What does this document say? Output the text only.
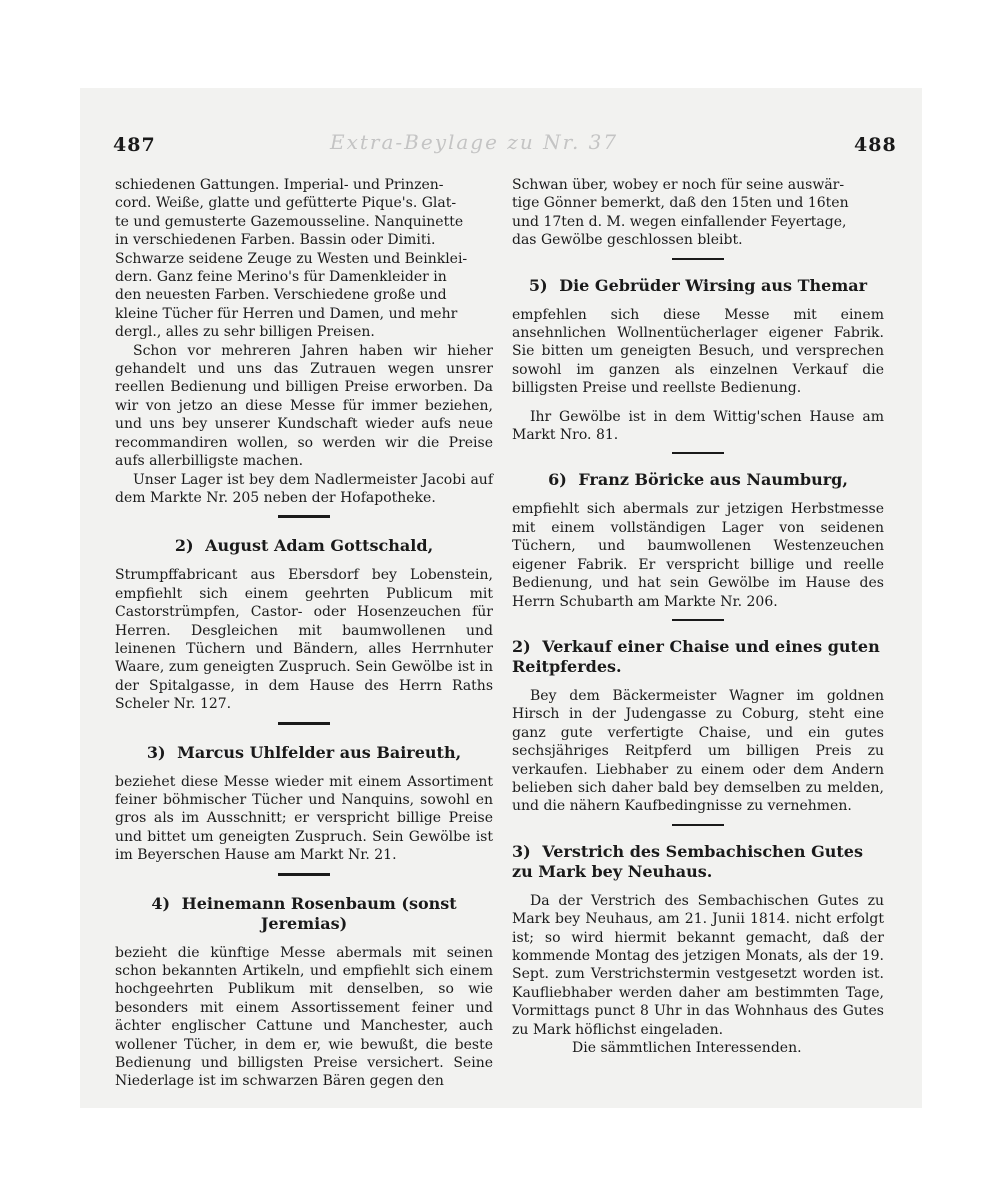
487	Extra-Beylage zu Nr. 37	488
schiedenen Gattungen. Imperial- und Prinzen-
cord. Weiße, glatte und gefütterte Pique's. Glat-
te und gemusterte Gazemousseline. Nanquinette
in verschiedenen Farben. Bassin oder Dimiti.
Schwarze seidene Zeuge zu Westen und Beinklei-
dern. Ganz feine Merino's für Damenkleider in
den neuesten Farben. Verschiedene große und
kleine Tücher für Herren und Damen, und mehr
dergl., alles zu sehr billigen Preisen.

Schon vor mehreren Jahren haben wir hieher gehandelt und uns das Zutrauen wegen unsrer reellen Bedienung und billigen Preise erworben. Da wir von jetzo an diese Messe für immer beziehen, und uns bey unserer Kundschaft wieder aufs neue recommandiren wollen, so werden wir die Preise aufs allerbilligste machen.

Unser Lager ist bey dem Nadlermeister Jacobi auf dem Markte Nr. 205 neben der Hofapotheke.

2) August Adam Gottschald,

Strumpffabricant aus Ebersdorf bey Lobenstein, empfiehlt sich einem geehrten Publicum mit Castorstrümpfen, Castor- oder Hosenzeuchen für Herren. Desgleichen mit baumwollenen und leinenen Tüchern und Bändern, alles Herrnhuter Waare, zum geneigten Zuspruch. Sein Gewölbe ist in der Spitalgasse, in dem Hause des Herrn Raths Scheler Nr. 127.

3) Marcus Uhlfelder aus Baireuth,

beziehet diese Messe wieder mit einem Assortiment feiner böhmischer Tücher und Nanquins, sowohl en gros als im Ausschnitt; er verspricht billige Preise und bittet um geneigten Zuspruch. Sein Gewölbe ist im Beyerschen Hause am Markt Nr. 21.

4) Heinemann Rosenbaum (sonst Jeremias)

bezieht die künftige Messe abermals mit seinen schon bekannten Artikeln, und empfiehlt sich einem hochgeehrten Publikum mit denselben, so wie besonders mit einem Assortissement feiner und ächter englischer Cattune und Manchester, auch wollener Tücher, in dem er, wie bewußt, die beste Bedienung und billigsten Preise versichert. Seine Niederlage ist im schwarzen Bären gegen den

Schwan über, wobey er noch für seine auswär-
tige Gönner bemerkt, daß den 15ten und 16ten
und 17ten d. M. wegen einfallender Feyertage,
das Gewölbe geschlossen bleibt.
5) Die Gebrüder Wirsing aus Themar

empfehlen sich diese Messe mit einem ansehnlichen Wollnentücherlager eigener Fabrik. Sie bitten um geneigten Besuch, und versprechen sowohl im ganzen als einzelnen Verkauf die billigsten Preise und reellste Bedienung.

Ihr Gewölbe ist in dem Wittig'schen Hause am Markt Nro. 81.

6) Franz Böricke aus Naumburg,

empfiehlt sich abermals zur jetzigen Herbstmesse mit einem vollständigen Lager von seidenen Tüchern, und baumwollenen Westenzeuchen eigener Fabrik. Er verspricht billige und reelle Bedienung, und hat sein Gewölbe im Hause des Herrn Schubarth am Markte Nr. 206.

2) Verkauf einer Chaise und eines guten Reitpferdes.

Bey dem Bäckermeister Wagner im goldnen Hirsch in der Judengasse zu Coburg, steht eine ganz gute verfertigte Chaise, und ein gutes sechsjähriges Reitpferd um billigen Preis zu verkaufen. Liebhaber zu einem oder dem Andern belieben sich daher bald bey demselben zu melden, und die nähern Kaufbedingnisse zu vernehmen.

3) Verstrich des Sembachischen Gutes zu Mark bey Neuhaus.

Da der Verstrich des Sembachischen Gutes zu Mark bey Neuhaus, am 21. Junii 1814. nicht erfolgt ist; so wird hiermit bekannt gemacht, daß der kommende Montag des jetzigen Monats, als der 19. Sept. zum Verstrichstermin vestgesetzt worden ist. Kaufliebhaber werden daher am bestimmten Tage, Vormittags punct 8 Uhr in das Wohnhaus des Gutes zu Mark höflichst eingeladen.

Die sämmtlichen Interessenden.
